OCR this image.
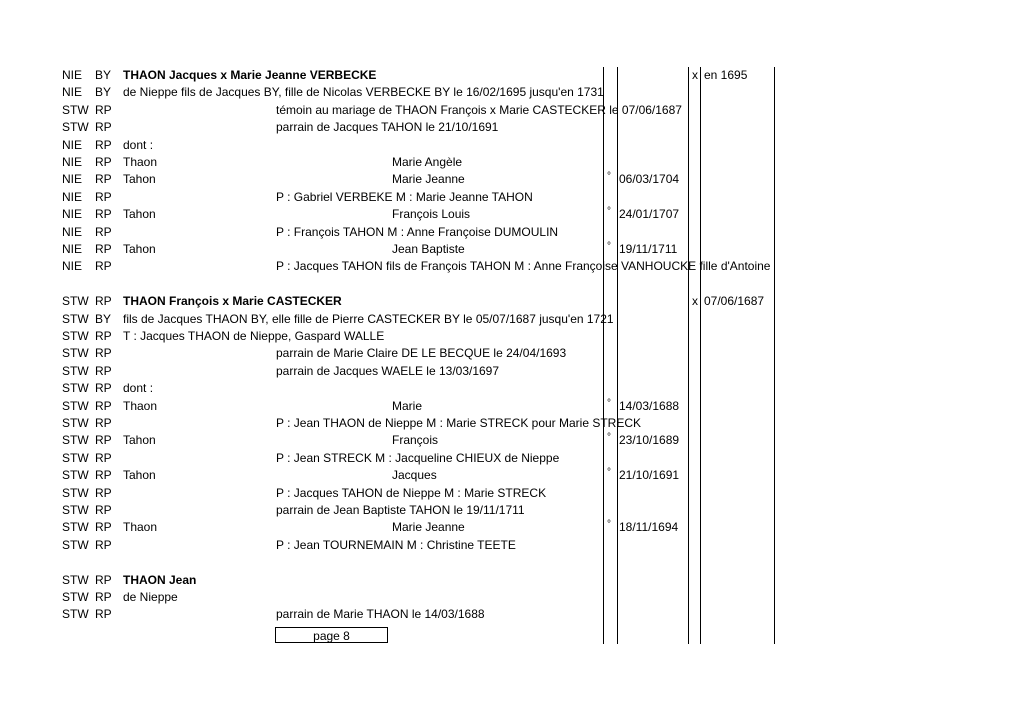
NIE BY THAON Jacques x Marie Jeanne VERBECKE	x en 1695
NIE BY de Nieppe fils de Jacques BY, fille de Nicolas VERBECKE BY le 16/02/1695 jusqu'en 1731
STW RP	témoin au mariage de THAON François x Marie CASTECKER le 07/06/1687
STW RP	parrain de Jacques TAHON le 21/10/1691
NIE RP dont :
NIE RP Thaon	Marie Angèle
NIE RP Tahon	Marie Jeanne	° 06/03/1704
NIE RP	P : Gabriel VERBEKE M : Marie Jeanne TAHON
NIE RP Tahon	François Louis	° 24/01/1707
NIE RP	P : François TAHON M : Anne Françoise DUMOULIN
NIE RP Tahon	Jean Baptiste	° 19/11/1711
NIE RP	P : Jacques TAHON fils de François TAHON M : Anne Françoise VANHOUCKE fille d'Antoine
STW RP THAON François x Marie CASTECKER	x 07/06/1687
STW BY fils de Jacques THAON BY, elle fille de Pierre CASTECKER BY le 05/07/1687 jusqu'en 1721
STW RP T : Jacques THAON de Nieppe, Gaspard WALLE
STW RP	parrain de Marie Claire DE LE BECQUE le 24/04/1693
STW RP	parrain de Jacques WAELE le 13/03/1697
STW RP dont :
STW RP Thaon	Marie	° 14/03/1688
STW RP	P : Jean THAON de Nieppe M : Marie STRECK pour Marie STRECK
STW RP Tahon	François	° 23/10/1689
STW RP	P : Jean STRECK M : Jacqueline CHIEUX de Nieppe
STW RP Tahon	Jacques	° 21/10/1691
STW RP	P : Jacques TAHON de Nieppe M : Marie STRECK
STW RP	parrain de Jean Baptiste TAHON le 19/11/1711
STW RP Thaon	Marie Jeanne	° 18/11/1694
STW RP	P : Jean TOURNEMAIN M : Christine TEETE
STW RP THAON Jean
STW RP de Nieppe
STW RP	parrain de Marie THAON le 14/03/1688
page 8
